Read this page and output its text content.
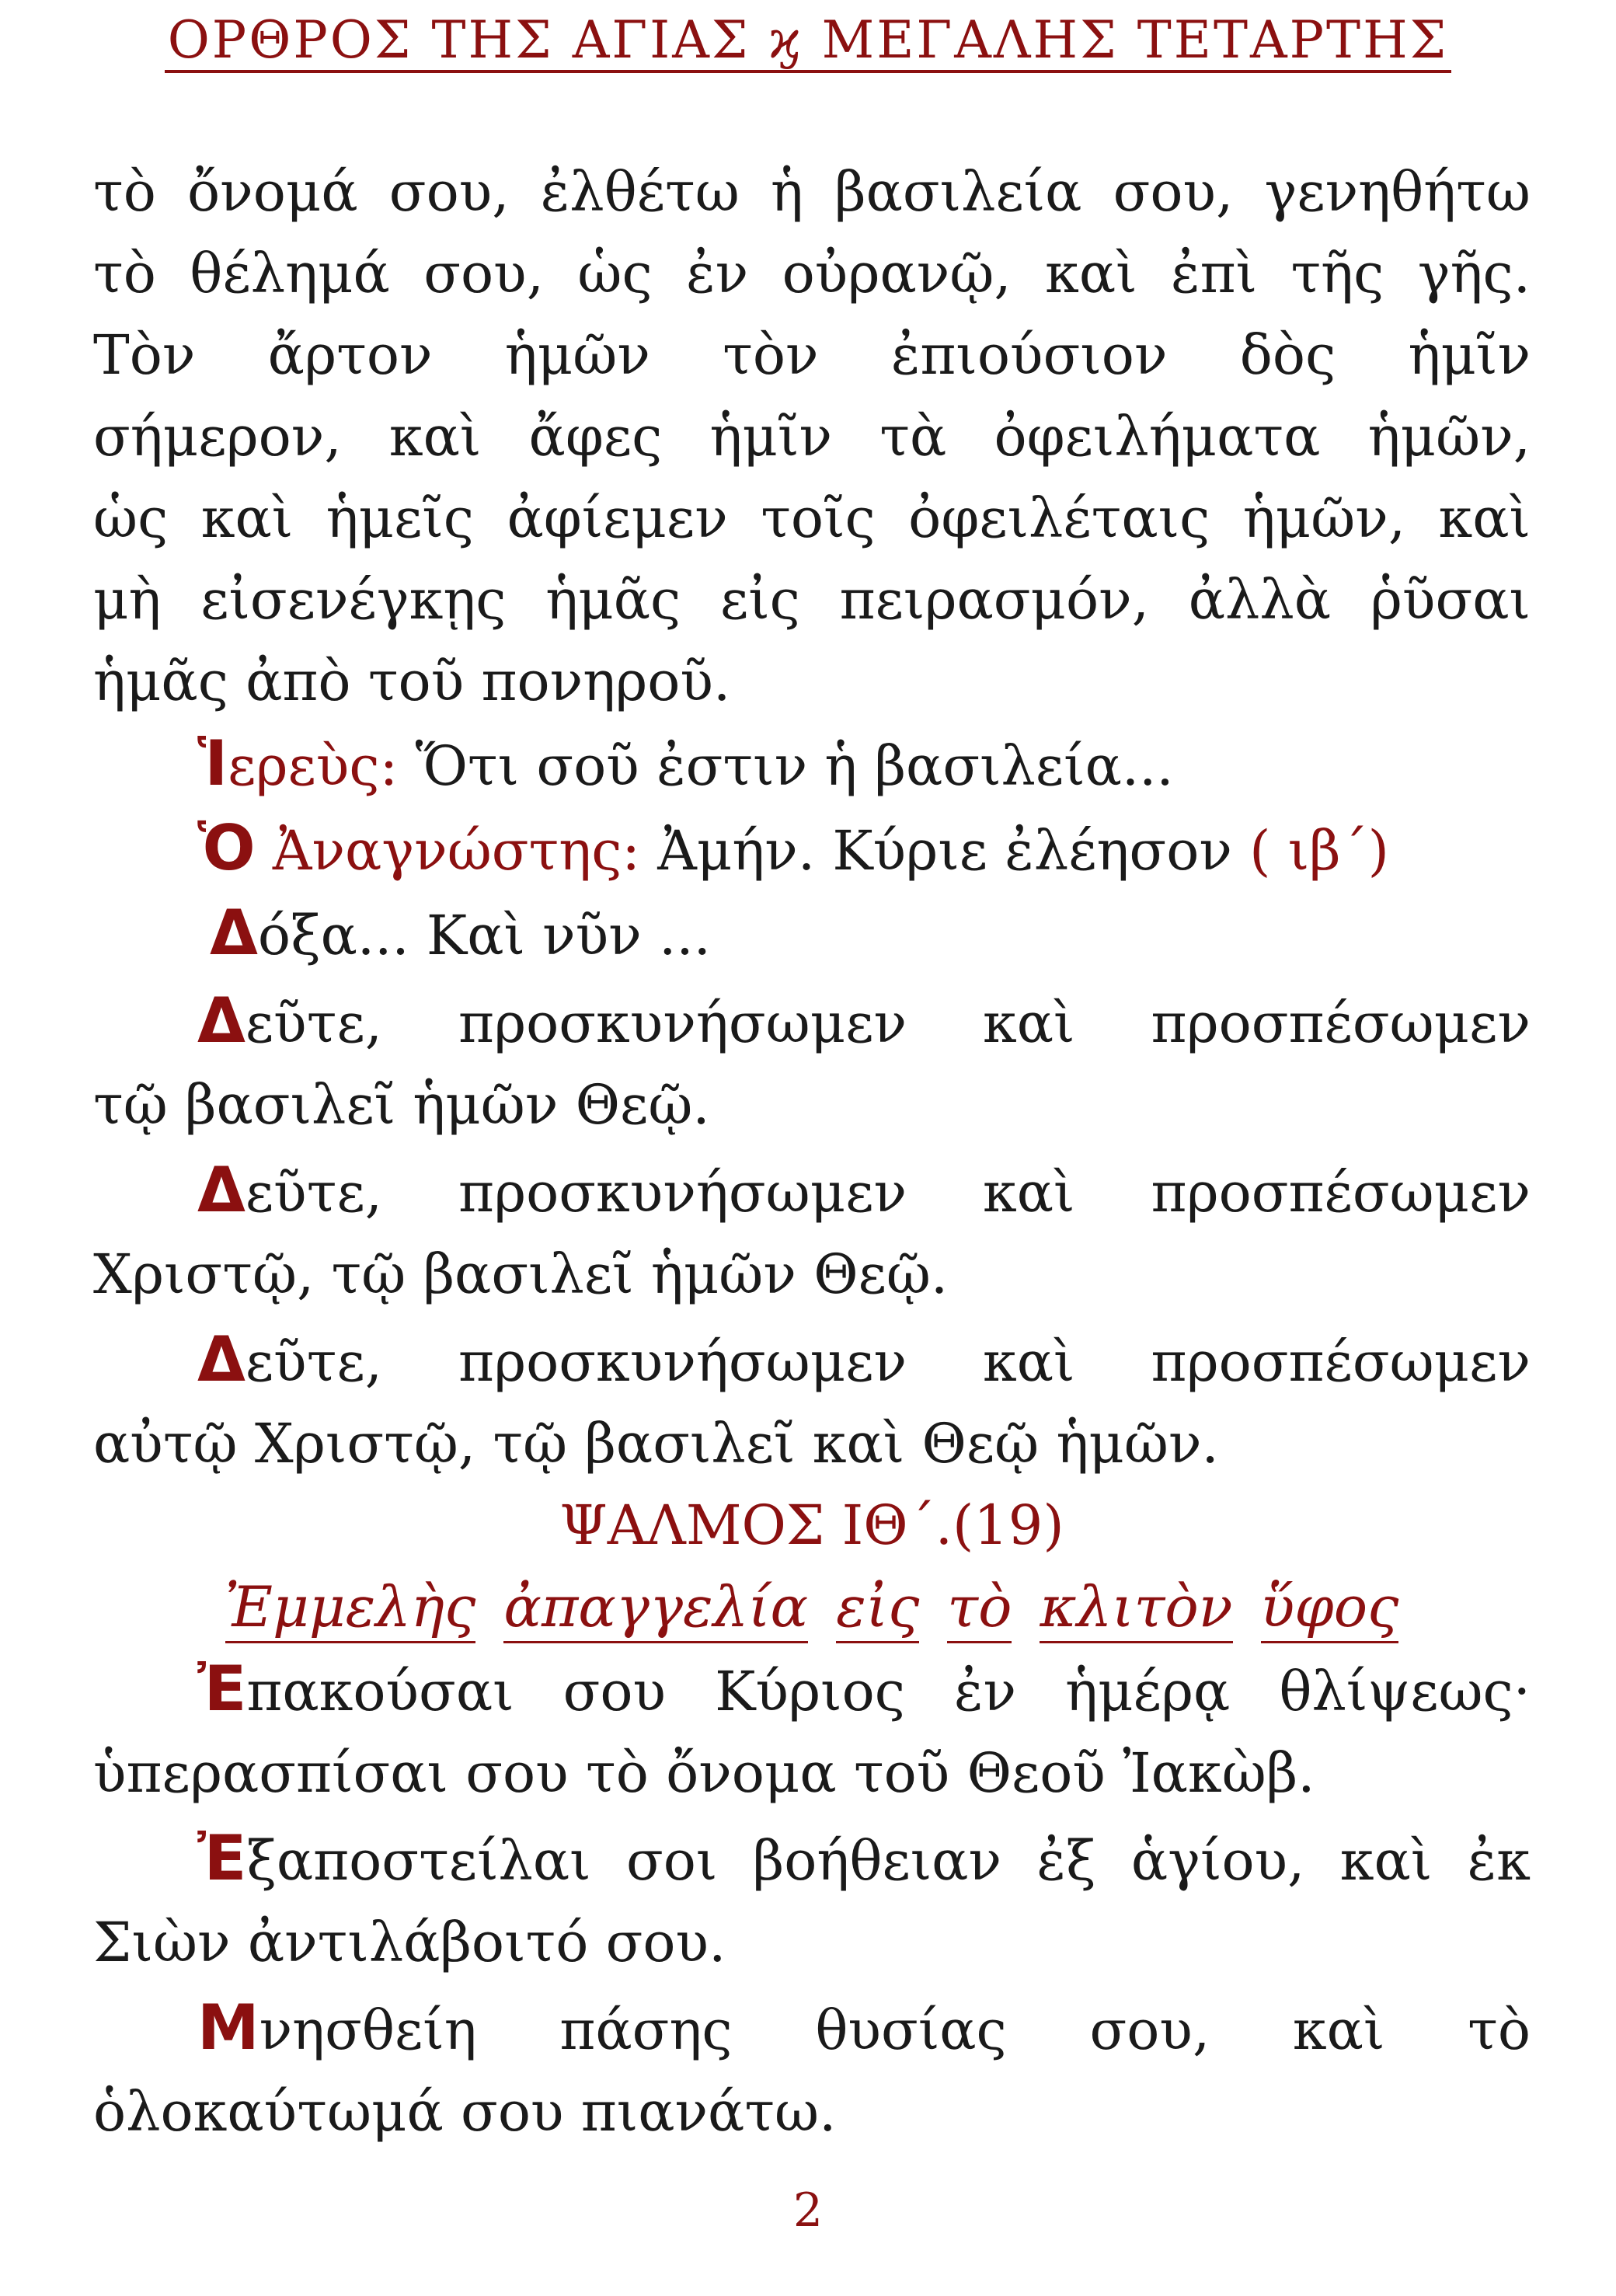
ΟΡΘΡΟΣ ΤΗΣ ΑΓΙΑΣ ϗ ΜΕΓΑΛΗΣ ΤΕΤΑΡΤΗΣ
τὸ ὄνομά σου, ἐλθέτω ἡ βασιλεία σου, γενηθήτω
τὸ θέλημά σου, ὡς ἐν οὐρανῷ, καὶ ἐπὶ τῆς γῆς.
Τὸν ἄρτον ἡμῶν τὸν ἐπιούσιον δὸς ἡμῖν
σήμερον, καὶ ἄφες ἡμῖν τὰ ὀφειλήματα ἡμῶν,
ὡς καὶ ἡμεῖς ἀφίεμεν τοῖς ὀφειλέταις ἡμῶν, καὶ
μὴ εἰσενέγκῃς ἡμᾶς εἰς πειρασμόν, ἀλλὰ ῥῦσαι
ἡμᾶς ἀπὸ τοῦ πονηροῦ.
Ἱερεὺς: Ὅτι σοῦ ἐστιν ἡ βασιλεία...
Ὁ Ἀναγνώστης: Ἀμήν. Κύριε ἐλέησον ( ιβ΄)
Δόξα... Καὶ νῦν ...
Δεῦτε, προσκυνήσωμεν καὶ προσπέσωμεν
τῷ βασιλεῖ ἡμῶν Θεῷ.
Δεῦτε, προσκυνήσωμεν καὶ προσπέσωμεν
Χριστῷ, τῷ βασιλεῖ ἡμῶν Θεῷ.
Δεῦτε, προσκυνήσωμεν καὶ προσπέσωμεν
αὐτῷ Χριστῷ, τῷ βασιλεῖ καὶ Θεῷ ἡμῶν.
ΨΑΛΜΟΣ ΙΘ΄.(19)
Ἐμμελὴς ἀπαγγελία εἰς τὸ κλιτὸν ὕφος
Ἐπακούσαι σου Κύριος ἐν ἡμέρᾳ θλίψεως·
ὑπερασπίσαι σου τὸ ὄνομα τοῦ Θεοῦ Ἰακὼβ.
Ἐξαποστείλαι σοι βοήθειαν ἐξ ἁγίου, καὶ ἐκ
Σιὼν ἀντιλάβοιτό σου.
Μνησθείη πάσης θυσίας σου, καὶ τὸ
ὁλοκαύτωμά σου πιανάτω.
2
